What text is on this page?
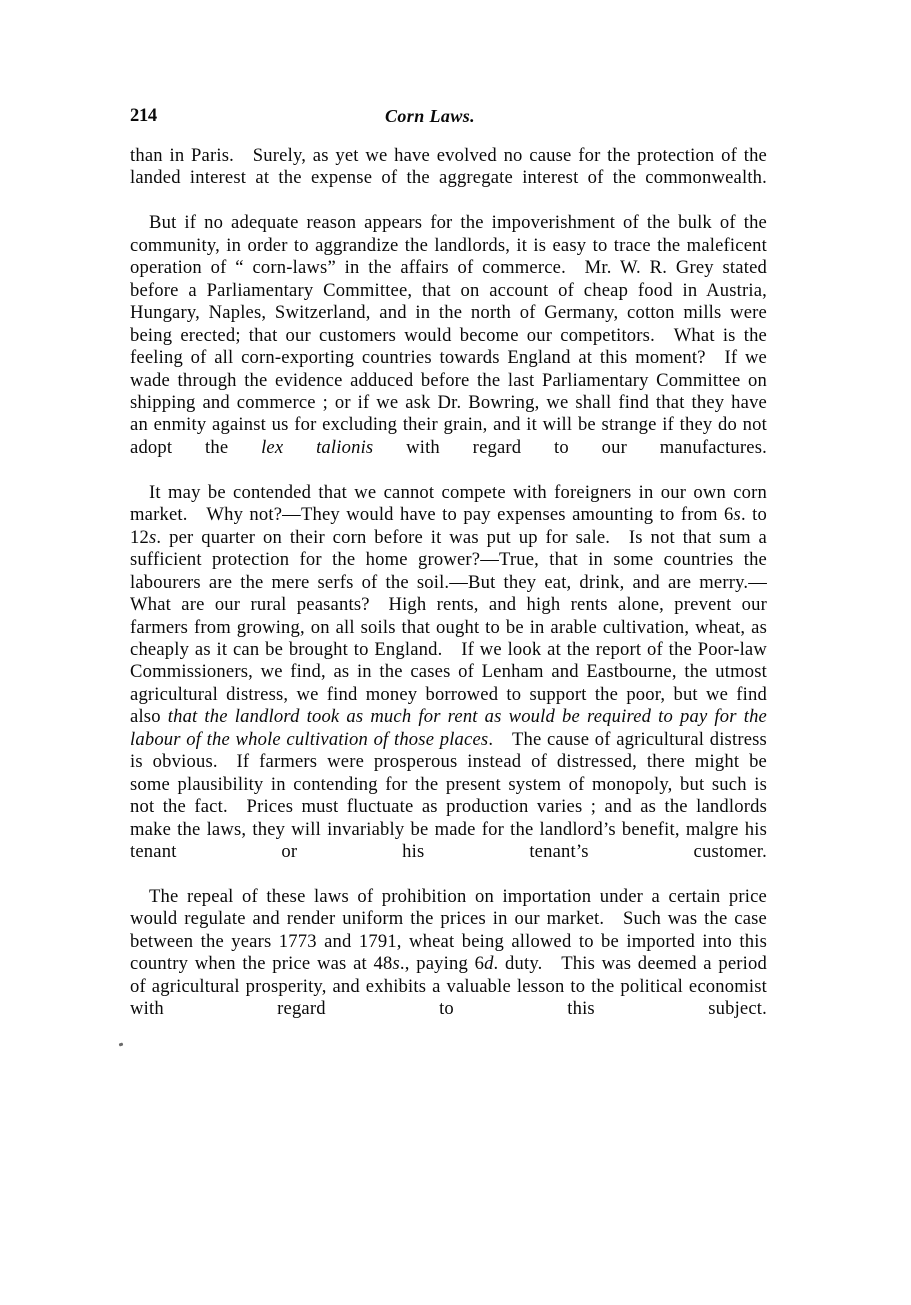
214	Corn Laws.

than in Paris. Surely, as yet we have evolved no cause for the protection of the landed interest at the expense of the aggregate interest of the commonwealth.

But if no adequate reason appears for the impoverishment of the bulk of the community, in order to aggrandize the landlords, it is easy to trace the maleficent operation of “ corn-laws” in the affairs of commerce. Mr. W. R. Grey stated before a Parliamentary Committee, that on account of cheap food in Austria, Hungary, Naples, Switzerland, and in the north of Germany, cotton mills were being erected; that our customers would become our competitors. What is the feeling of all corn-exporting countries towards England at this moment? If we wade through the evidence adduced before the last Parliamentary Committee on shipping and commerce ; or if we ask Dr. Bowring, we shall find that they have an enmity against us for excluding their grain, and it will be strange if they do not adopt the lex talionis with regard to our manufactures.

It may be contended that we cannot compete with foreigners in our own corn market. Why not?—They would have to pay expenses amounting to from 6s. to 12s. per quarter on their corn before it was put up for sale. Is not that sum a sufficient protection for the home grower?—True, that in some countries the labourers are the mere serfs of the soil.—But they eat, drink, and are merry.—What are our rural peasants? High rents, and high rents alone, prevent our farmers from growing, on all soils that ought to be in arable cultivation, wheat, as cheaply as it can be brought to England. If we look at the report of the Poor-law Commissioners, we find, as in the cases of Lenham and Eastbourne, the utmost agricultural distress, we find money borrowed to support the poor, but we find also that the landlord took as much for rent as would be required to pay for the labour of the whole cultivation of those places. The cause of agricultural distress is obvious. If farmers were prosperous instead of distressed, there might be some plausibility in contending for the present system of monopoly, but such is not the fact. Prices must fluctuate as production varies ; and as the landlords make the laws, they will invariably be made for the landlord’s benefit, malgre his tenant or his tenant’s customer.

The repeal of these laws of prohibition on importation under a certain price would regulate and render uniform the prices in our market. Such was the case between the years 1773 and 1791, wheat being allowed to be imported into this country when the price was at 48s., paying 6d. duty. This was deemed a period of agricultural prosperity, and exhibits a valuable lesson to the political economist with regard to this subject.
